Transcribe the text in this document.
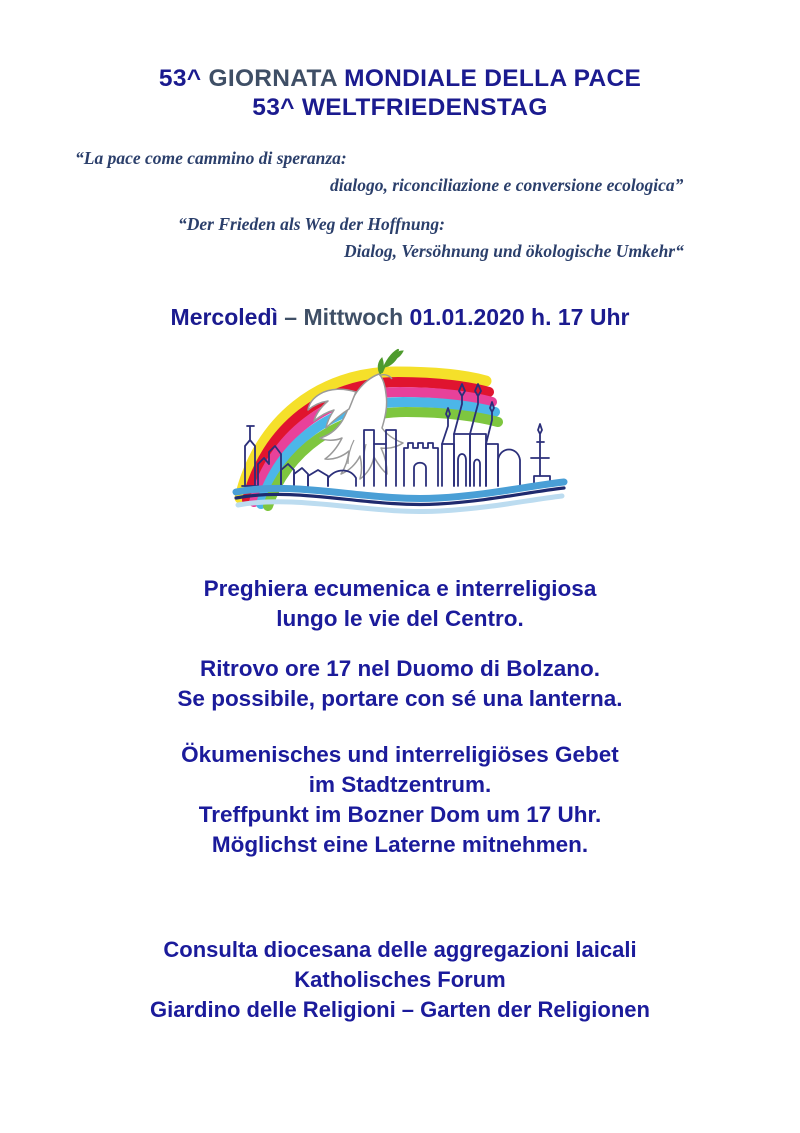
53^ GIORNATA MONDIALE DELLA PACE
53^ WELTFRIEDENSTAG
“La pace come cammino di speranza:
dialogo, riconciliazione e conversione ecologica”
“Der Frieden als Weg der Hoffnung:
Dialog, Versöhnung und ökologische Umkehr“
Mercoledì – Mittwoch 01.01.2020 h. 17 Uhr
Preghiera ecumenica e interreligiosa
lungo le vie del Centro.
Ritrovo ore 17 nel Duomo di Bolzano.
Se possibile, portare con sé una lanterna.
Ökumenisches und interreligiöses Gebet
im Stadtzentrum.
Treffpunkt im Bozner Dom um 17 Uhr.
Möglichst eine Laterne mitnehmen.
Consulta diocesana delle aggregazioni laicali
Katholisches Forum
Giardino delle Religioni – Garten der Religionen
